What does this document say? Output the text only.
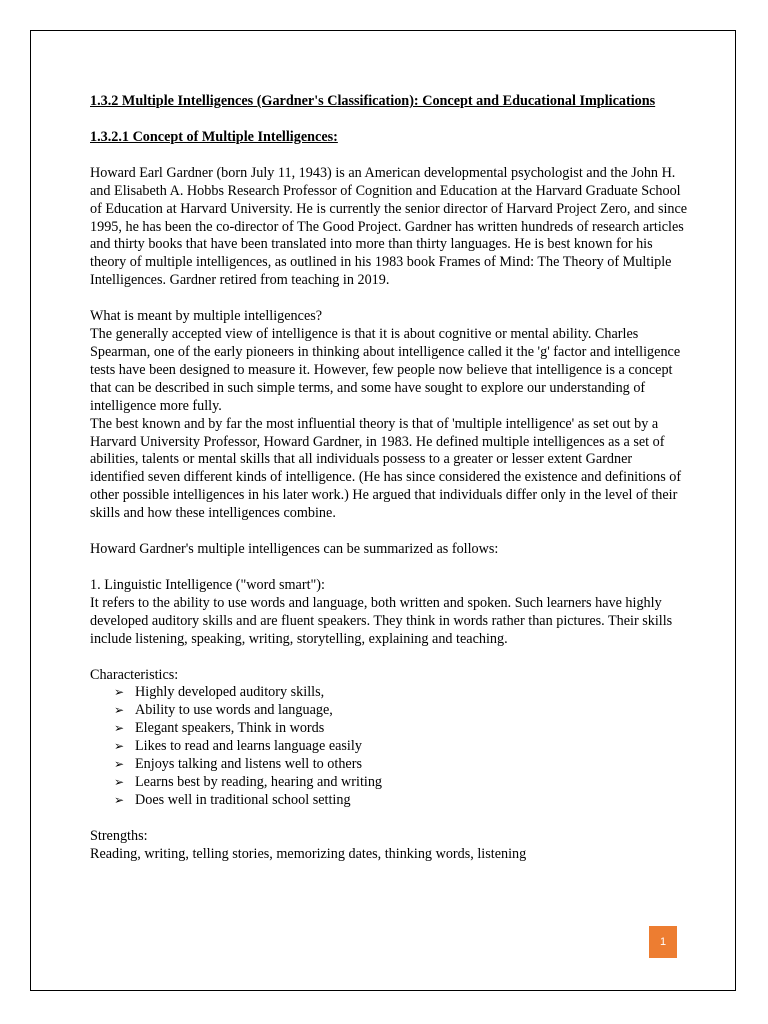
1.3.2 Multiple Intelligences (Gardner's Classification): Concept and Educational Implications

1.3.2.1 Concept of Multiple Intelligences:

Howard Earl Gardner (born July 11, 1943) is an American developmental psychologist and the John H. and Elisabeth A. Hobbs Research Professor of Cognition and Education at the Harvard Graduate School of Education at Harvard University. He is currently the senior director of Harvard Project Zero, and since 1995, he has been the co-director of The Good Project. Gardner has written hundreds of research articles and thirty books that have been translated into more than thirty languages. He is best known for his theory of multiple intelligences, as outlined in his 1983 book Frames of Mind: The Theory of Multiple Intelligences. Gardner retired from teaching in 2019.

What is meant by multiple intelligences?

The generally accepted view of intelligence is that it is about cognitive or mental ability. Charles Spearman, one of the early pioneers in thinking about intelligence called it the 'g' factor and intelligence tests have been designed to measure it. However, few people now believe that intelligence is a concept that can be described in such simple terms, and some have sought to explore our understanding of intelligence more fully.

The best known and by far the most influential theory is that of 'multiple intelligence' as set out by a Harvard University Professor, Howard Gardner, in 1983. He defined multiple intelligences as a set of abilities, talents or mental skills that all individuals possess to a greater or lesser extent Gardner identified seven different kinds of intelligence. (He has since considered the existence and definitions of other possible intelligences in his later work.) He argued that individuals differ only in the level of their skills and how these intelligences combine.

Howard Gardner's multiple intelligences can be summarized as follows:

1. Linguistic Intelligence ("word smart"):

It refers to the ability to use words and language, both written and spoken. Such learners have highly developed auditory skills and are fluent speakers. They think in words rather than pictures. Their skills include listening, speaking, writing, storytelling, explaining and teaching.

Characteristics:

➢ Highly developed auditory skills,
➢ Ability to use words and language,
➢ Elegant speakers, Think in words
➢ Likes to read and learns language easily
➢ Enjoys talking and listens well to others
➢ Learns best by reading, hearing and writing
➢ Does well in traditional school setting

Strengths:

Reading, writing, telling stories, memorizing dates, thinking words, listening

1
